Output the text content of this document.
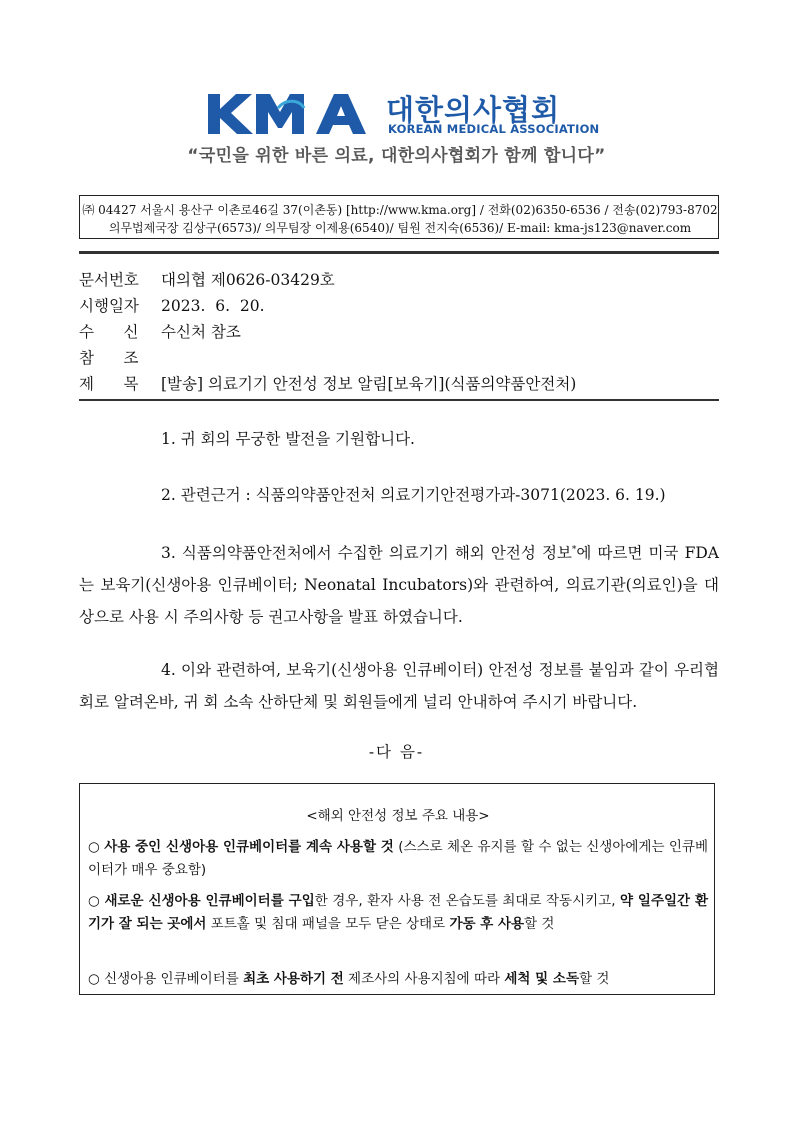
대한의사협회
KOREAN MEDICAL ASSOCIATION
“국민을 위한 바른 의료, 대한의사협회가 함께 합니다”
㈜ 04427 서울시 용산구 이촌로46길 37(이촌동) [http://www.kma.org] / 전화(02)6350-6536 / 전송(02)793-8702
의무법제국장 김상구(6573)/ 의무팀장 이제용(6540)/ 팀원 전지숙(6536)/ E-mail: kma-js123@naver.com
문서번호 대의협 제0626-03429호
시행일자 2023.  6.  20.
수      신 수신처 참조
참      조
제      목 [발송] 의료기기 안전성 정보 알림[보육기](식품의약품안전처)
1. 귀 회의 무궁한 발전을 기원합니다.
2. 관련근거 : 식품의약품안전처 의료기기안전평가과-3071(2023. 6. 19.)
3. 식품의약품안전처에서 수집한 의료기기 해외 안전성 정보*에 따르면 미국 FDA는 보육기(신생아용 인큐베이터; Neonatal Incubators)와 관련하여, 의료기관(의료인)을 대상으로 사용 시 주의사항 등 권고사항을 발표 하였습니다.
4. 이와 관련하여, 보육기(신생아용 인큐베이터) 안전성 정보를 붙임과 같이 우리협회로 알려온바, 귀 회 소속 산하단체 및 회원들에게 널리 안내하여 주시기 바랍니다.
-다 음-
<해외 안전성 정보 주요 내용>
○ 사용 중인 신생아용 인큐베이터를 계속 사용할 것 (스스로 체온 유지를 할 수 없는 신생아에게는 인큐베이터가 매우 중요함)
○ 새로운 신생아용 인큐베이터를 구입한 경우, 환자 사용 전 온습도를 최대로 작동시키고, 약 일주일간 환기가 잘 되는 곳에서 포트홀 및 침대 패널을 모두 닫은 상태로 가동 후 사용할 것
○ 신생아용 인큐베이터를 최초 사용하기 전 제조사의 사용지침에 따라 세척 및 소독할 것
